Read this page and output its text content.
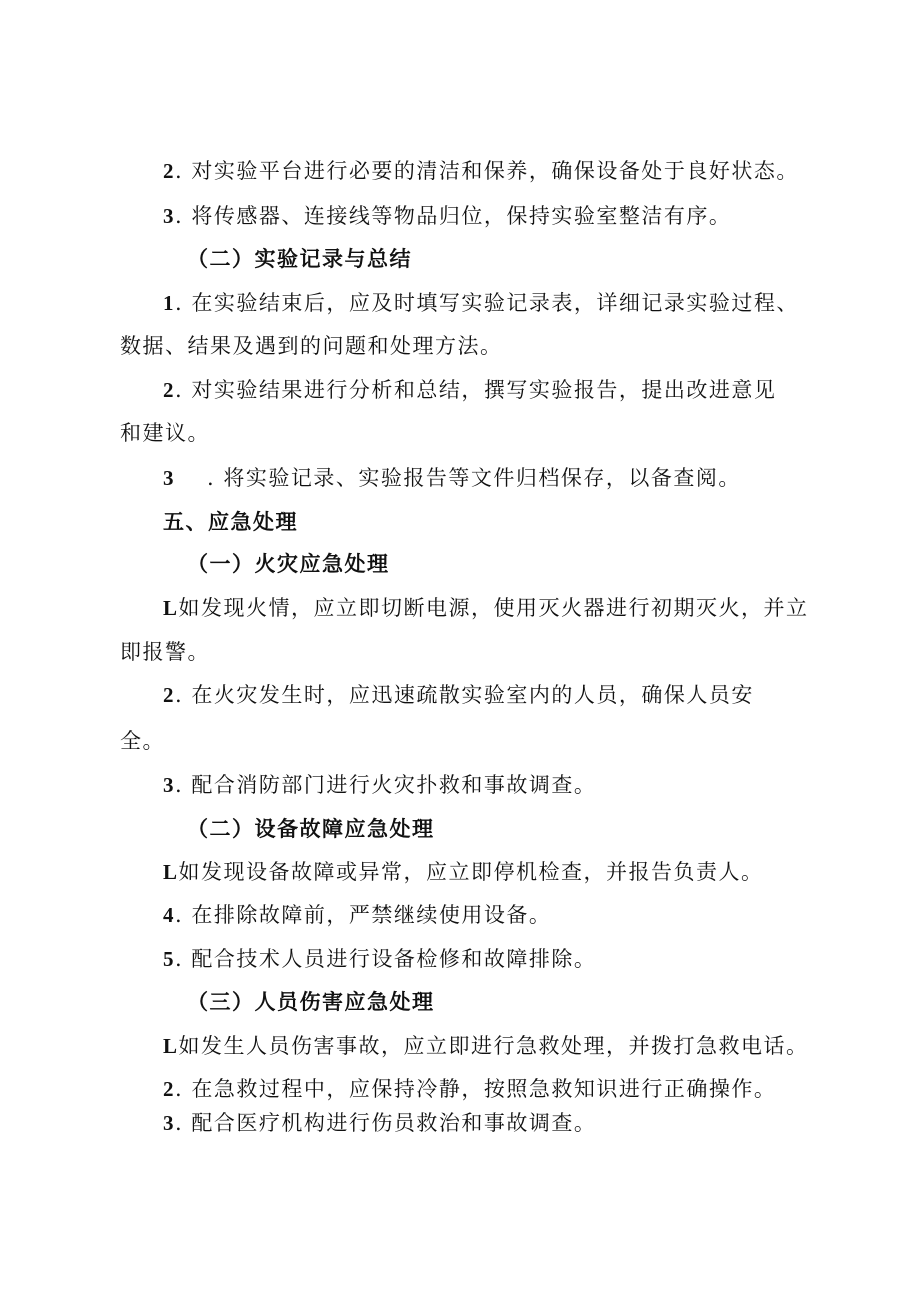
2. 对实验平台进行必要的清洁和保养，确保设备处于良好状态。
3. 将传感器、连接线等物品归位，保持实验室整洁有序。
（二）实验记录与总结
1. 在实验结束后，应及时填写实验记录表，详细记录实验过程、
数据、结果及遇到的问题和处理方法。
2. 对实验结果进行分析和总结，撰写实验报告，提出改进意见
和建议。
3 . 将实验记录、实验报告等文件归档保存，以备查阅。
五、应急处理
（一）火灾应急处理
L如发现火情，应立即切断电源，使用灭火器进行初期灭火，并立
即报警。
2. 在火灾发生时，应迅速疏散实验室内的人员，确保人员安
全。
3. 配合消防部门进行火灾扑救和事故调查。
（二）设备故障应急处理
L如发现设备故障或异常，应立即停机检查，并报告负责人。
4. 在排除故障前，严禁继续使用设备。
5. 配合技术人员进行设备检修和故障排除。
（三）人员伤害应急处理
L如发生人员伤害事故，应立即进行急救处理，并拨打急救电话。
2. 在急救过程中，应保持冷静，按照急救知识进行正确操作。
3. 配合医疗机构进行伤员救治和事故调查。
